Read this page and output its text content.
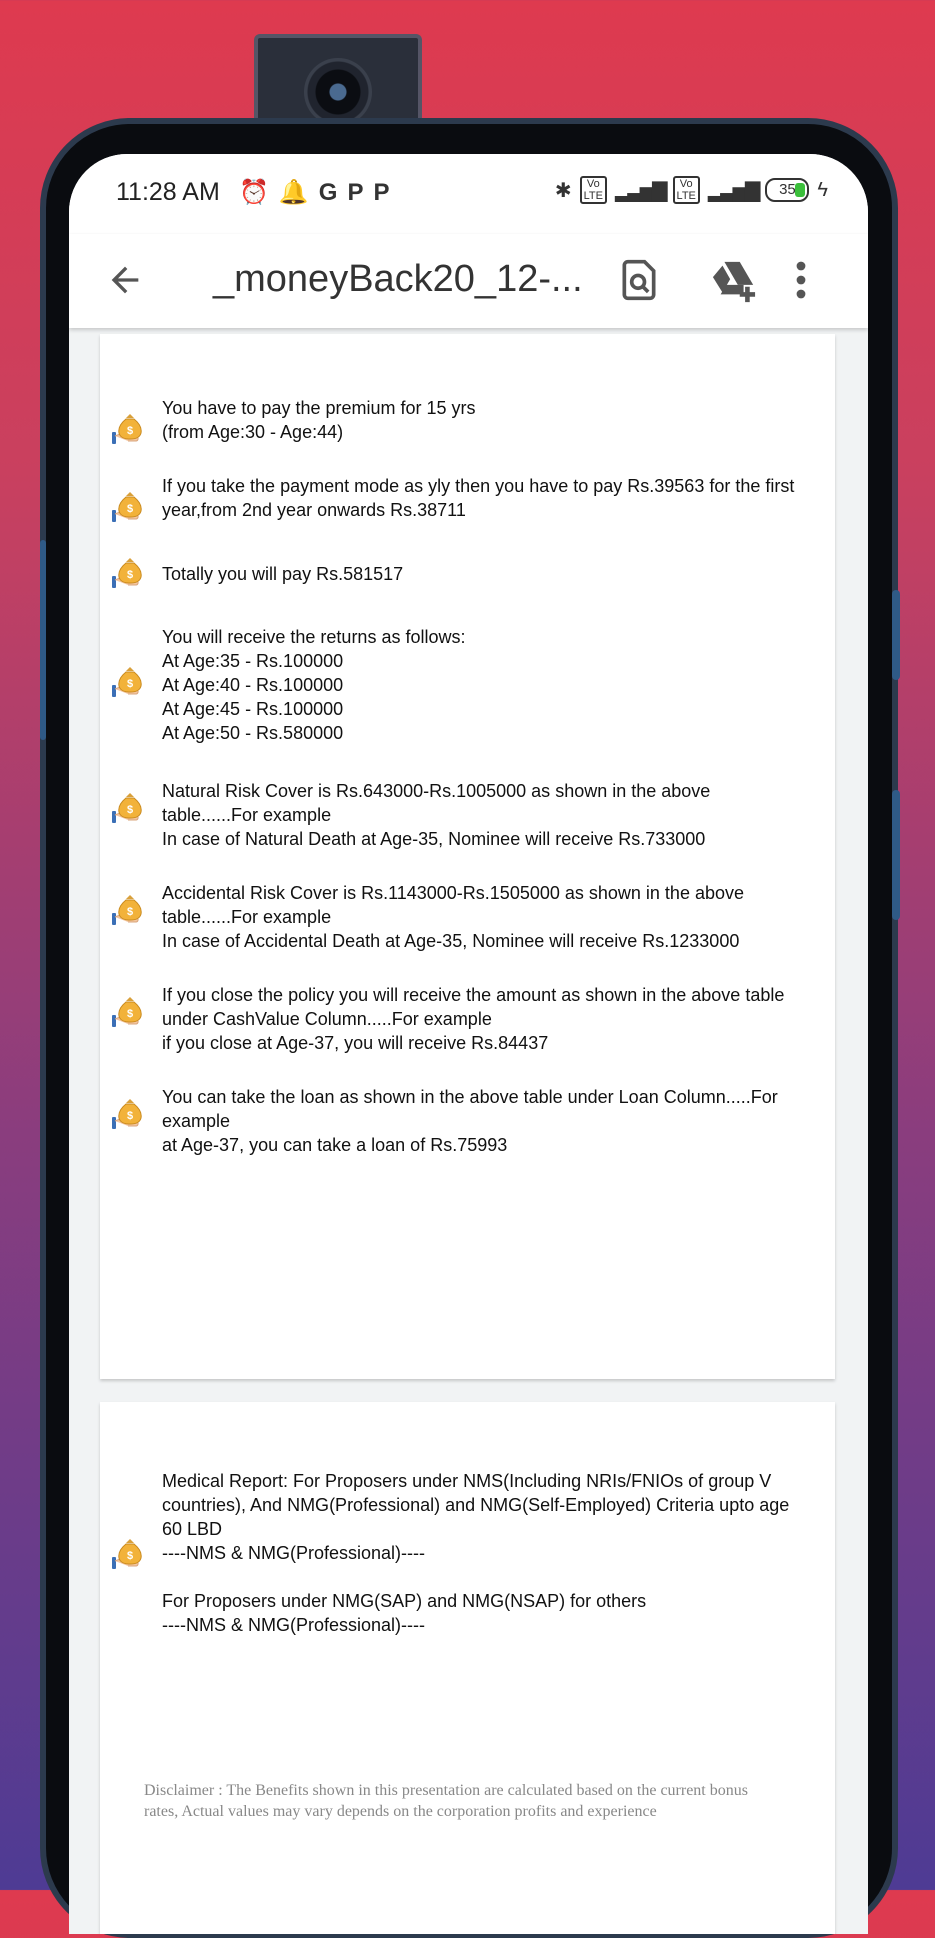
11:28 AM ⏰🔔GPP	✱	Vo
LTE ▂▃▅▇	Vo
LTE ▂▃▅▇	35	ϟ
_moneyBack20_12-...
$
You have to pay the premium for 15 yrs
(from Age:30 - Age:44)
$
If you take the payment mode as yly then you have to pay Rs.39563 for the first
year,from 2nd year onwards Rs.38711
$ Totally you will pay Rs.581517
$
You will receive the returns as follows:
At Age:35 - Rs.100000
At Age:40 - Rs.100000
At Age:45 - Rs.100000
At Age:50 - Rs.580000
$
Natural Risk Cover is Rs.643000-Rs.1005000 as shown in the above
table......For example
In case of Natural Death at Age-35, Nominee will receive Rs.733000
$
Accidental Risk Cover is Rs.1143000-Rs.1505000 as shown in the above
table......For example
In case of Accidental Death at Age-35, Nominee will receive Rs.1233000
$
If you close the policy you will receive the amount as shown in the above table
under CashValue Column.....For example
if you close at Age-37, you will receive Rs.84437
$
You can take the loan as shown in the above table under Loan Column.....For
example
at Age-37, you can take a loan of Rs.75993
$
Medical Report: For Proposers under NMS(Including NRIs/FNIOs of group V
countries), And NMG(Professional) and NMG(Self-Employed) Criteria upto age
60 LBD
----NMS & NMG(Professional)----

For Proposers under NMG(SAP) and NMG(NSAP) for others
----NMS & NMG(Professional)----
Disclaimer : The Benefits shown in this presentation are calculated based on the current bonus rates, Actual values may vary depends on the corporation profits and experience
